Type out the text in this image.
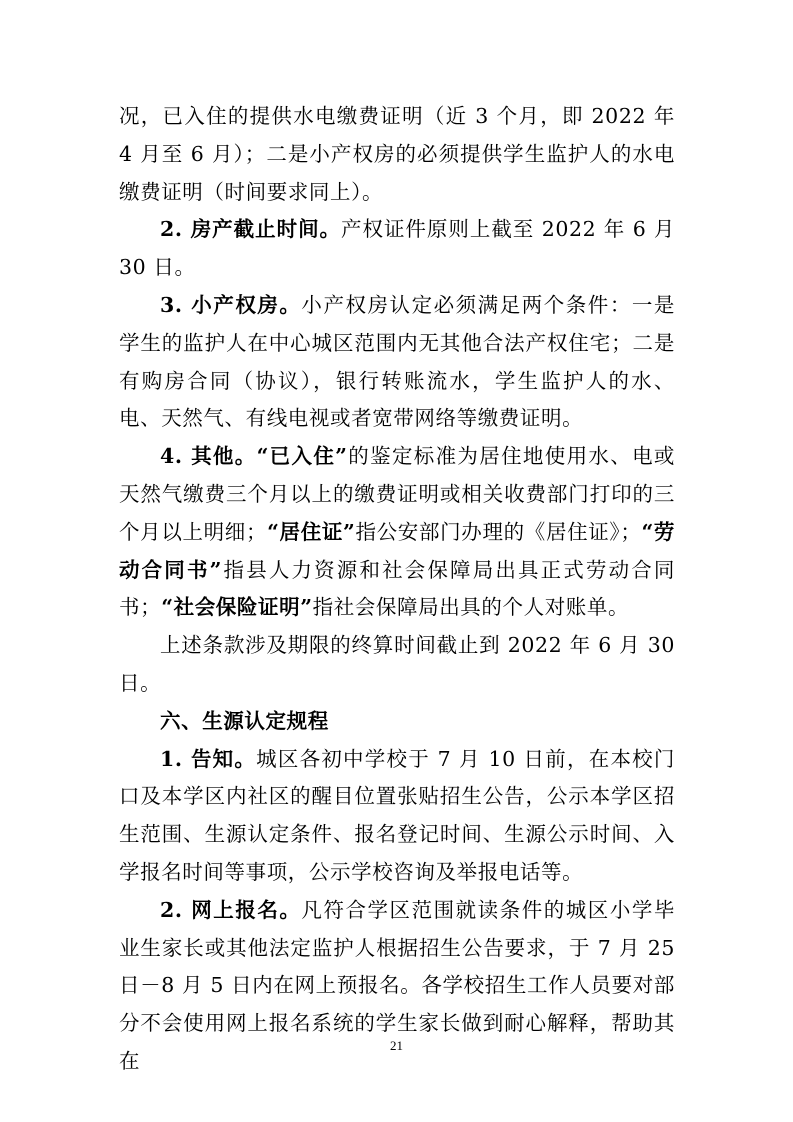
况，已入住的提供水电缴费证明（近 3 个月，即 2022 年 4 月至 6 月）；二是小产权房的必须提供学生监护人的水电缴费证明（时间要求同上）。

2. 房产截止时间。产权证件原则上截至 2022 年 6 月 30 日。

3. 小产权房。小产权房认定必须满足两个条件：一是学生的监护人在中心城区范围内无其他合法产权住宅；二是有购房合同（协议），银行转账流水，学生监护人的水、电、天然气、有线电视或者宽带网络等缴费证明。

4. 其他。“已入住”的鉴定标准为居住地使用水、电或天然气缴费三个月以上的缴费证明或相关收费部门打印的三个月以上明细；“居住证”指公安部门办理的《居住证》；“劳动合同书”指县人力资源和社会保障局出具正式劳动合同书；“社会保险证明”指社会保障局出具的个人对账单。

上述条款涉及期限的终算时间截止到 2022 年 6 月 30 日。

六、生源认定规程

1. 告知。城区各初中学校于 7 月 10 日前，在本校门口及本学区内社区的醒目位置张贴招生公告，公示本学区招生范围、生源认定条件、报名登记时间、生源公示时间、入学报名时间等事项，公示学校咨询及举报电话等。

2. 网上报名。凡符合学区范围就读条件的城区小学毕业生家长或其他法定监护人根据招生公告要求，于 7 月 25 日－8 月 5 日内在网上预报名。各学校招生工作人员要对部分不会使用网上报名系统的学生家长做到耐心解释，帮助其在

21
